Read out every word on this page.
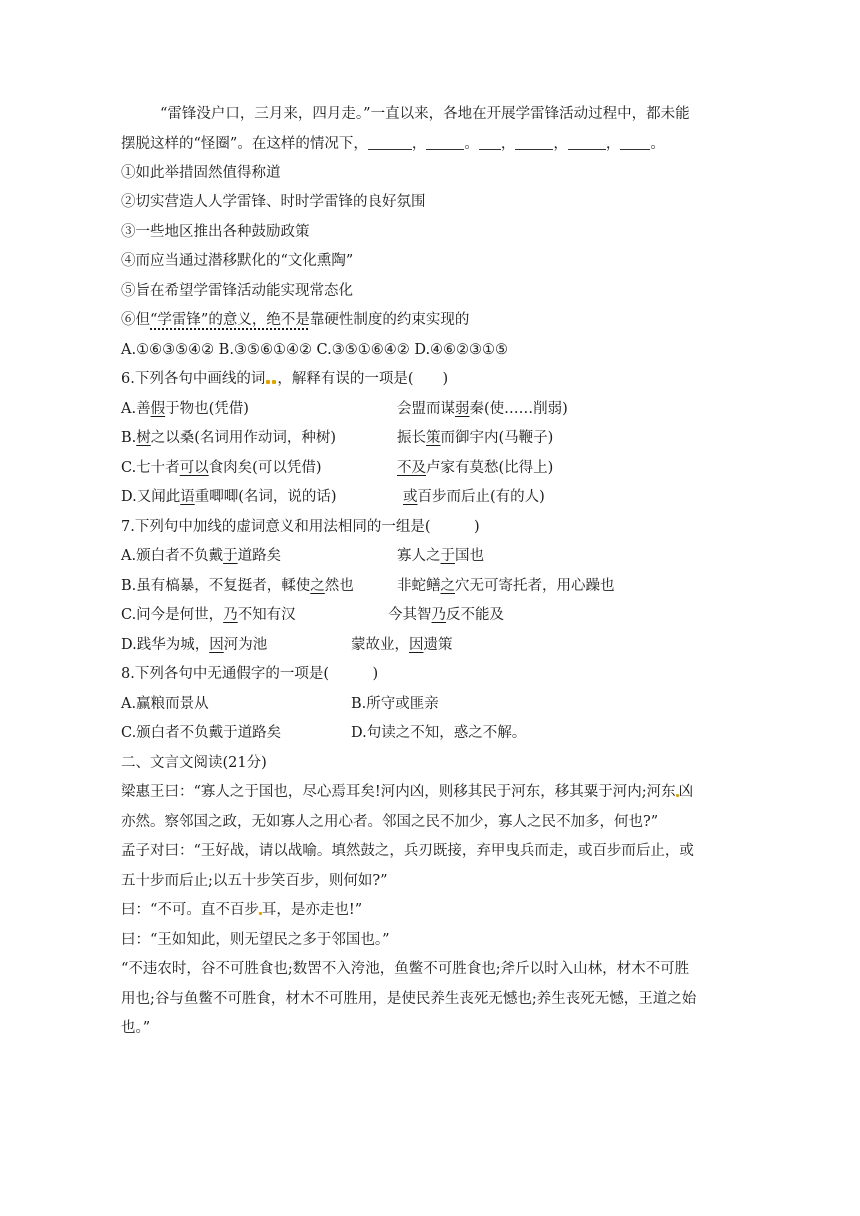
“雷锋没户口，三月来，四月走。”一直以来，各地在开展学雷锋活动过程中，都未能
摆脱这样的“怪圈”。在这样的情况下，	，	。 ，	，	， 。
①如此举措固然值得称道
②切实营造人人学雷锋、时时学雷锋的良好氛围
③一些地区推出各种鼓励政策
④而应当通过潜移默化的“文化熏陶”
⑤旨在希望学雷锋活动能实现常态化
⑥但“学雷锋”的意义，绝不是靠硬性制度的约束实现的
A.①⑥③⑤④② B.③⑤⑥①④② C.③⑤①⑥④② D.④⑥②③①⑤
6.下列各句中画线的词 ，解释有误的一项是(　　)
A.善假于物也(凭借)	会盟而谋弱秦(使……削弱)
B.树之以桑(名词用作动词，种树)	振长策而御宇内(马鞭子)
C.七十者可以食肉矣(可以凭借)	不及卢家有莫愁(比得上)
D.又闻此语重唧唧(名词，说的话)	或百步而后止(有的人)
7.下列句中加线的虚词意义和用法相同的一组是(　　　)
A.颁白者不负戴于道路矣	寡人之于国也
B.虽有槁暴，不复挺者，輮使之然也	非蛇鳝之穴无可寄托者，用心躁也
C.问今是何世，乃不知有汉	今其智乃反不能及
D.践华为城，因河为池	蒙故业，因遗策
8.下列各句中无通假字的一项是(　　　)
A.赢粮而景从	B.所守或匪亲
C.颁白者不负戴于道路矣	D.句读之不知，惑之不解。
二、文言文阅读(21分)
梁惠王曰：“寡人之于国也，尽心焉耳矣!河内凶，则移其民于河东，移其粟于河内;河东 凶
亦然。察邻国之政，无如寡人之用心者。邻国之民不加少，寡人之民不加多，何也?”
孟子对曰：“王好战，请以战喻。填然鼓之，兵刃既接，弃甲曳兵而走，或百步而后止，或
五十步而后止;以五十步笑百步，则何如?”
曰：“不可。直不百步 耳，是亦走也!”
曰：“王如知此，则无望民之多于邻国也。”
“不违农时，谷不可胜食也;数罟不入洿池，鱼鳖不可胜食也;斧斤以时入山林，材木不可胜
用也;谷与鱼鳖不可胜食，材木不可胜用，是使民养生丧死无憾也;养生丧死无憾，王道之始
也。”
